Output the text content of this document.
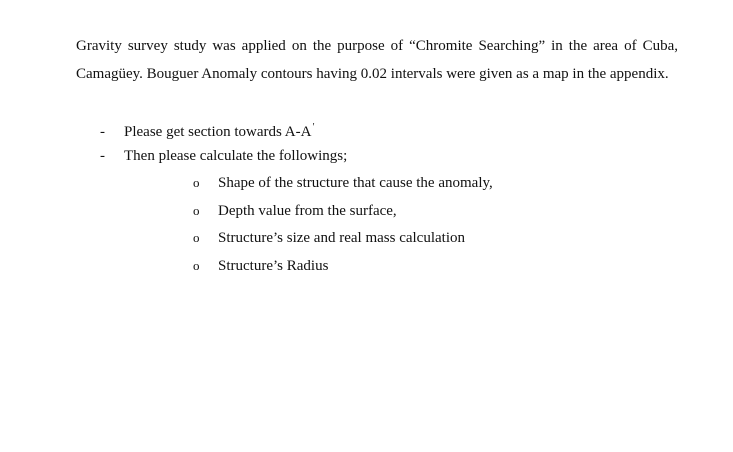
Gravity survey study was applied on the purpose of “Chromite Searching” in the area of Cuba, Camagüey. Bouguer Anomaly contours having 0.02 intervals were given as a map in the appendix.

- Please get section towards A-A′
- Then please calculate the followings;
o Shape of the structure that cause the anomaly,
o Depth value from the surface,
o Structure’s size and real mass calculation
o Structure’s Radius
